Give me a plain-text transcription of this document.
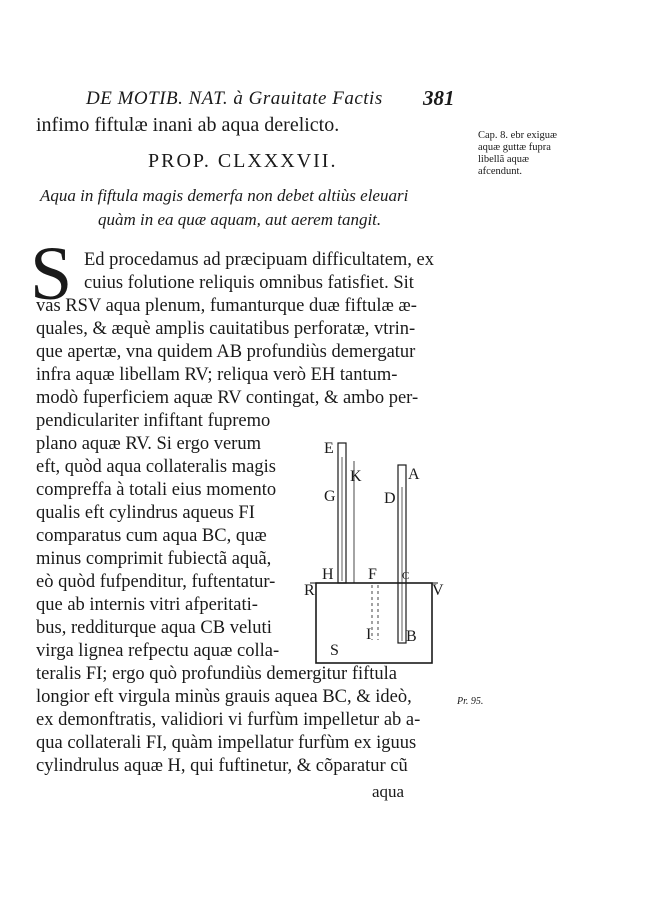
DE MOTIB. NAT. à Grauitate Factis 381
infimo fiftulæ inani ab aqua derelicto.
PROP. CLXXXVII.
Aqua in fiftula magis demerfa non debet altiùs eleuari
quàm in ea quæ aquam, aut aerem tangit.
Cap. 8. ebr exiguæ aquæ guttæ fupra libellã aquæ afcendunt.
Pr. 95.
S Ed procedamus ad præcipuam difficultatem, ex
cuius folutione reliquis omnibus fatisfiet. Sit
vas RSV aqua plenum, fumanturque duæ fiftulæ æ-
quales, & æquè amplis cauitatibus perforatæ, vtrin-
que apertæ, vna quidem AB profundiùs demergatur
infra aquæ libellam RV; reliqua verò EH tantum-
modò fuperficiem aquæ RV contingat, & ambo per-
pendiculariter infiftant fupremo
plano aquæ RV. Si ergo verum
eft, quòd aqua collateralis magis
compreffa à totali eius momento
qualis eft cylindrus aqueus FI
comparatus cum aqua BC, quæ
minus comprimit fubiectã aquã,
eò quòd fufpenditur, fuftentatur-
que ab internis vitri afperitati-
bus, redditurque aqua CB veluti
virga lignea refpectu aquæ colla-
teralis FI; ergo quò profundiùs demergitur fiftula
longior eft virgula minùs grauis aquea BC, & ideò,
ex demonftratis, validiori vi furfùm impelletur ab a-
qua collaterali FI, quàm impellatur furfùm ex iguus
cylindrulus aquæ H, qui fuftinetur, & cõparatur cũ
aqua
E
K	A
G	D
H
R
F C
V
I B
S
